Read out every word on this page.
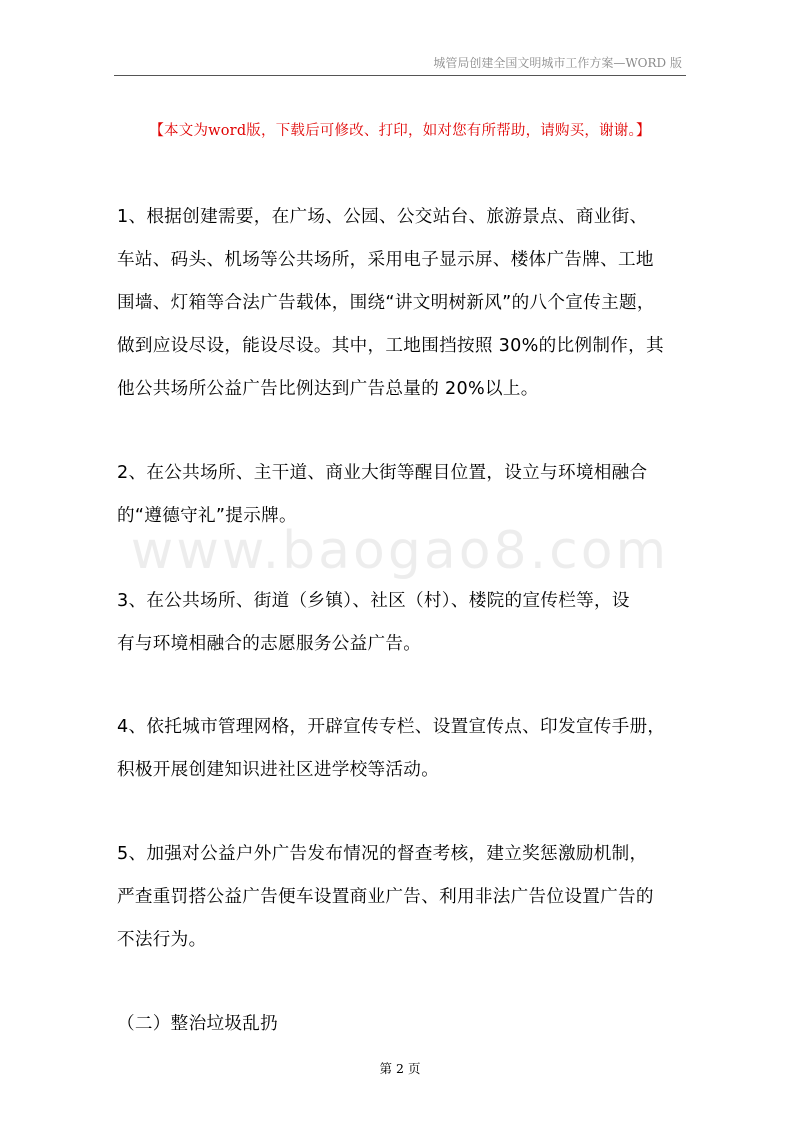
城管局创建全国文明城市工作方案—WORD 版
【本文为word版，下载后可修改、打印，如对您有所帮助，请购买，谢谢。】
1、根据创建需要，在广场、公园、公交站台、旅游景点、商业街、
车站、码头、机场等公共场所，采用电子显示屏、楼体广告牌、工地
围墙、灯箱等合法广告载体，围绕“讲文明树新风”的八个宣传主题，
做到应设尽设，能设尽设。其中，工地围挡按照 30%的比例制作，其
他公共场所公益广告比例达到广告总量的 20%以上。
2、在公共场所、主干道、商业大街等醒目位置，设立与环境相融合
的“遵德守礼”提示牌。
3、在公共场所、街道（乡镇）、社区（村）、楼院的宣传栏等，设
有与环境相融合的志愿服务公益广告。
4、依托城市管理网格，开辟宣传专栏、设置宣传点、印发宣传手册，
积极开展创建知识进社区进学校等活动。
5、加强对公益户外广告发布情况的督查考核，建立奖惩激励机制，
严查重罚搭公益广告便车设置商业广告、利用非法广告位设置广告的
不法行为。
（二）整治垃圾乱扔
www.baogao8.com
第 2 页
